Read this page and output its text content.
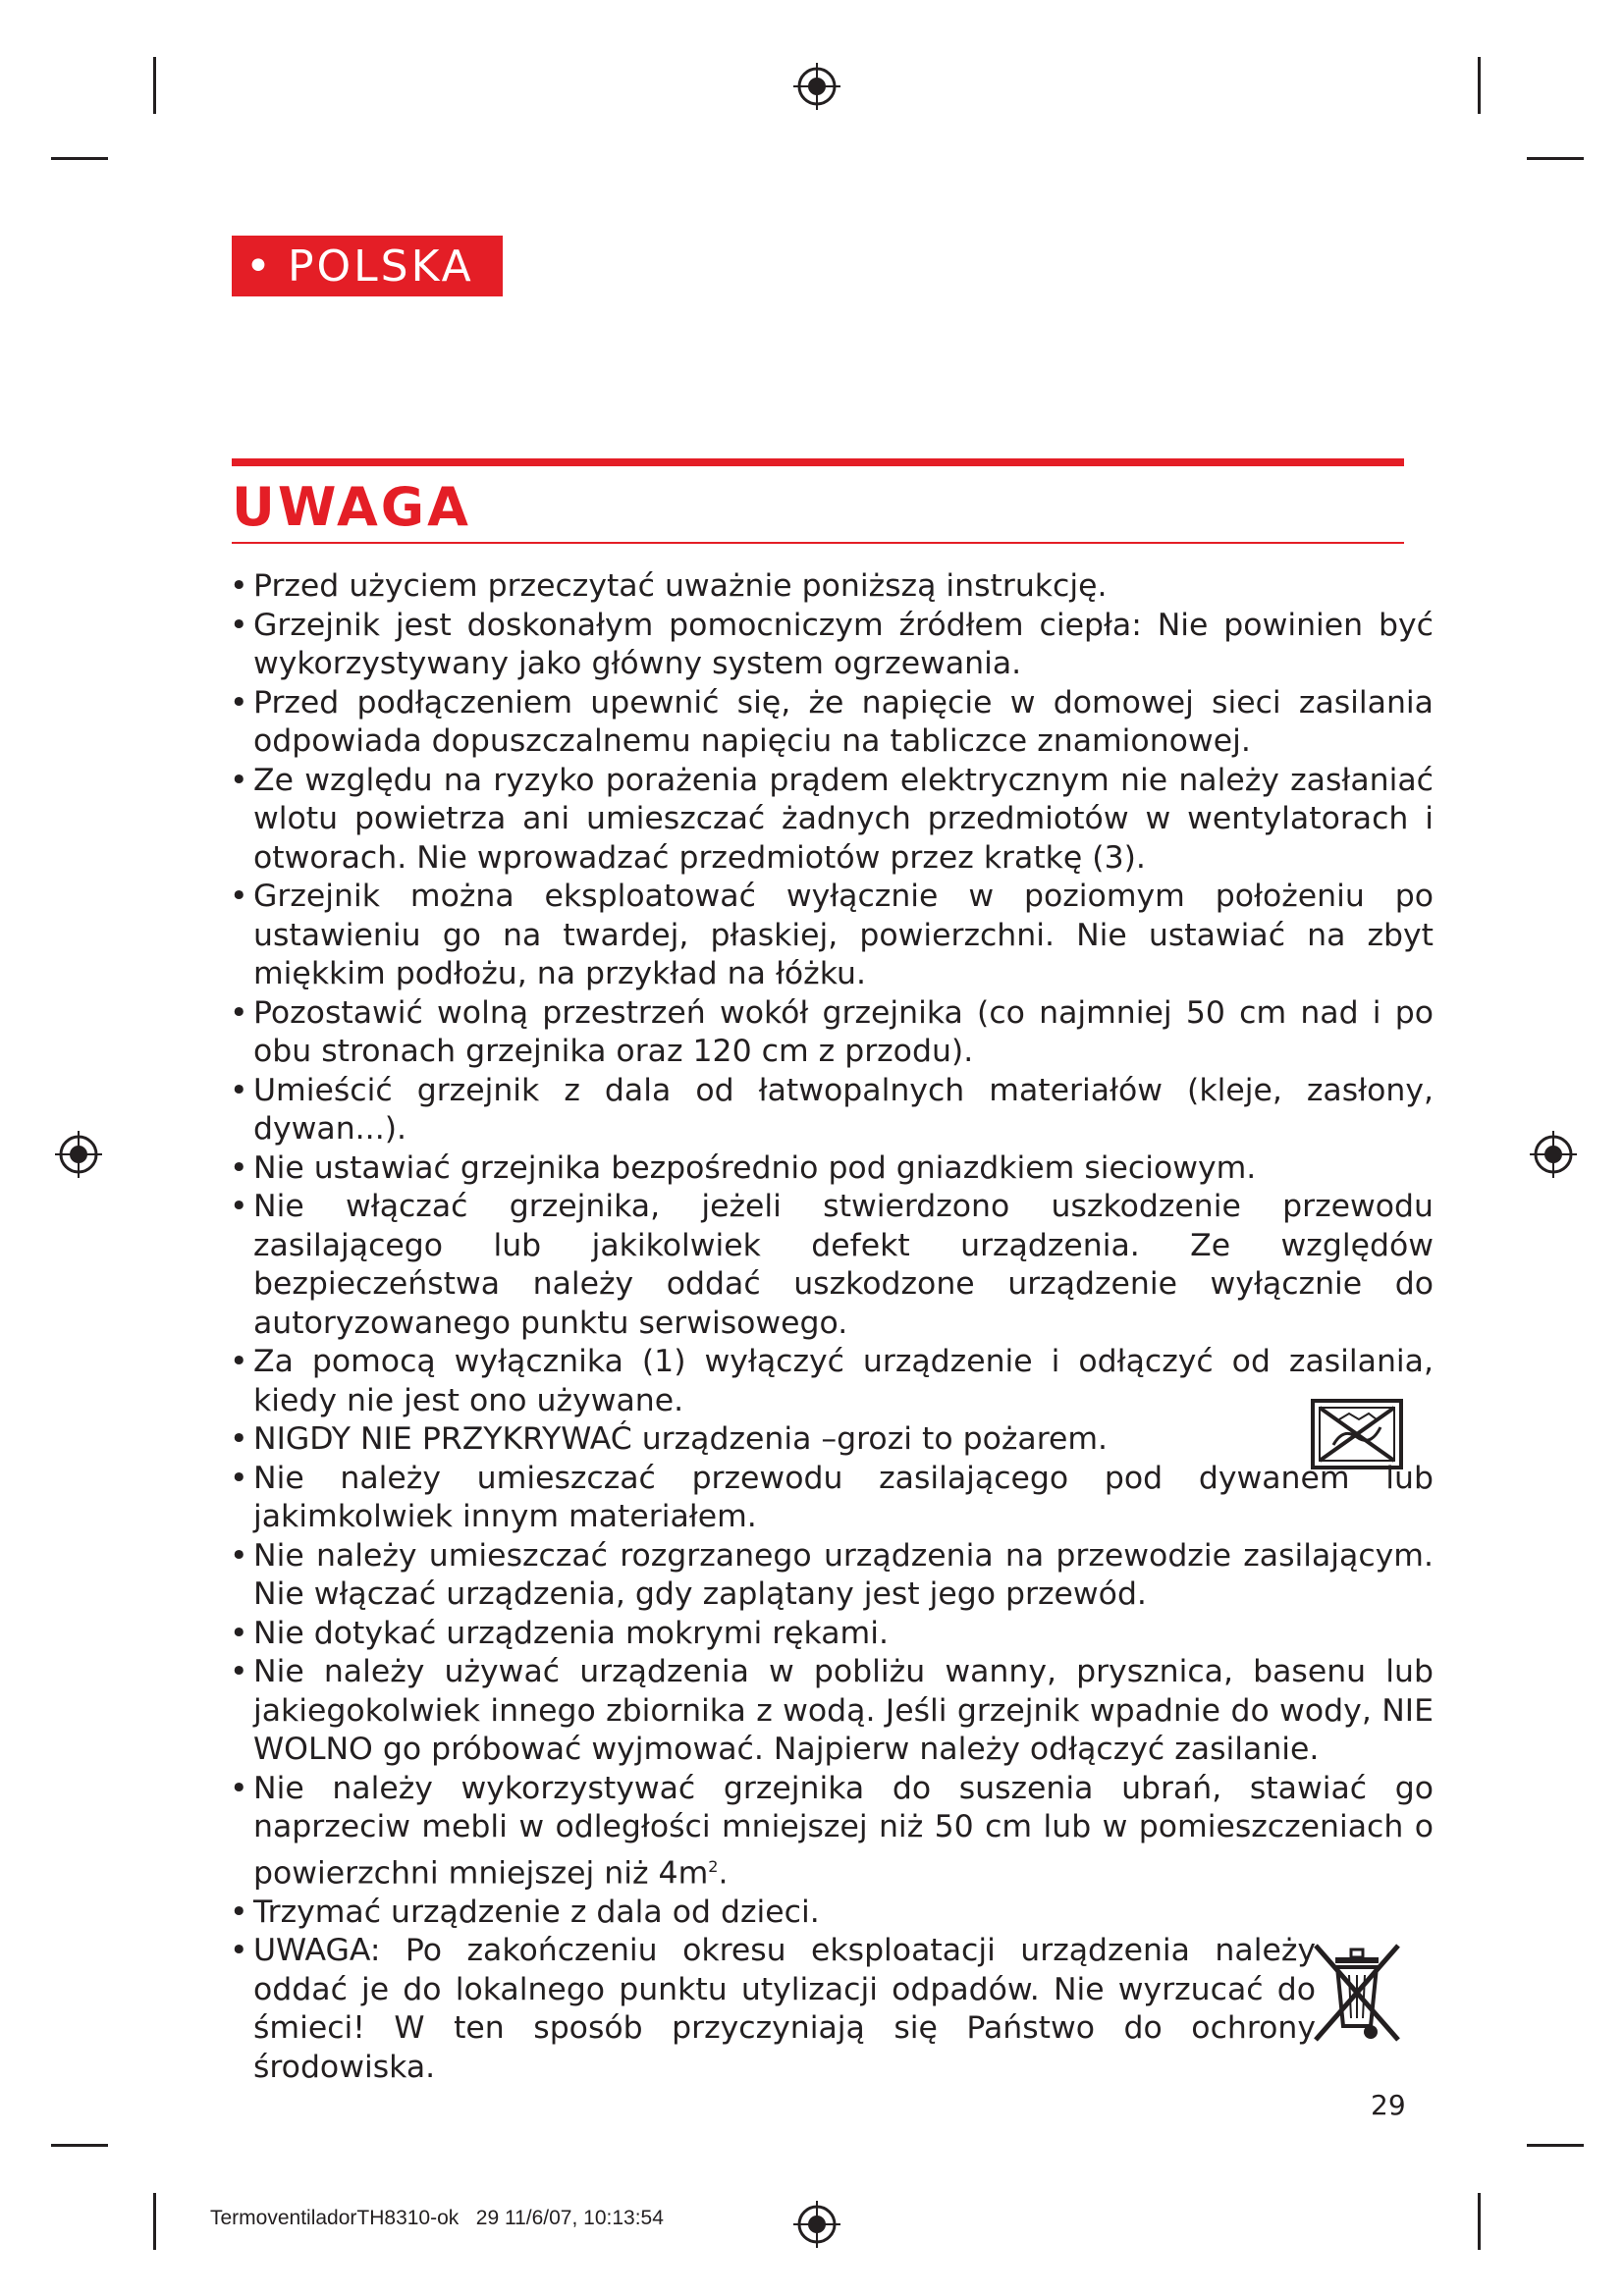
• POLSKA
UWAGA
• Przed użyciem przeczytać uważnie poniższą instrukcję.
• Grzejnik jest doskonałym pomocniczym źródłem ciepła: Nie powinien być wykorzystywany jako główny system ogrzewania.
• Przed podłączeniem upewnić się, że napięcie w domowej sieci zasilania odpowiada dopuszczalnemu napięciu na tabliczce znamionowej.
• Ze względu na ryzyko porażenia prądem elektrycznym nie należy zasłaniać wlotu powietrza ani umieszczać żadnych przedmiotów w wentylatorach i otworach. Nie wprowadzać przedmiotów przez kratkę (3).
• Grzejnik można eksploatować wyłącznie w poziomym położeniu po ustawieniu go na twardej, płaskiej, powierzchni. Nie ustawiać na zbyt miękkim podłożu, na przykład na łóżku.
• Pozostawić wolną przestrzeń wokół grzejnika (co najmniej 50 cm nad i po obu stronach grzejnika oraz 120 cm z przodu).
• Umieścić grzejnik z dala od łatwopalnych materiałów (kleje, zasłony, dywan...).
• Nie ustawiać grzejnika bezpośrednio pod gniazdkiem sieciowym.
• Nie włączać grzejnika, jeżeli stwierdzono uszkodzenie przewodu zasilającego lub jakikolwiek defekt urządzenia. Ze względów bezpieczeństwa należy oddać uszkodzone urządzenie wyłącznie do autoryzowanego punktu serwisowego.
• Za pomocą wyłącznika (1) wyłączyć urządzenie i odłączyć od zasilania, kiedy nie jest ono używane.
• NIGDY NIE PRZYKRYWAĆ urządzenia –grozi to pożarem.
• Nie należy umieszczać przewodu zasilającego pod dywanem lub jakimkolwiek innym materiałem.
• Nie należy umieszczać rozgrzanego urządzenia na przewodzie zasilającym. Nie włączać urządzenia, gdy zaplątany jest jego przewód.
• Nie dotykać urządzenia mokrymi rękami.
• Nie należy używać urządzenia w pobliżu wanny, prysznica, basenu lub jakiegokolwiek innego zbiornika z wodą. Jeśli grzejnik wpadnie do wody, NIE WOLNO go próbować wyjmować. Najpierw należy odłączyć zasilanie.
• Nie należy wykorzystywać grzejnika do suszenia ubrań, stawiać go naprzeciw mebli w odległości mniejszej niż 50 cm lub w pomieszczeniach o powierzchni mniejszej niż $4m^2$.
• Trzymać urządzenie z dala od dzieci.
• UWAGA: Po zakończeniu okresu eksploatacji urządzenia należy oddać je do lokalnego punktu utylizacji odpadów. Nie wyrzucać do śmieci! W ten sposób przyczyniają się Państwo do ochrony środowiska.
29
TermoventiladorTH8310-ok   29 11/6/07, 10:13:54
